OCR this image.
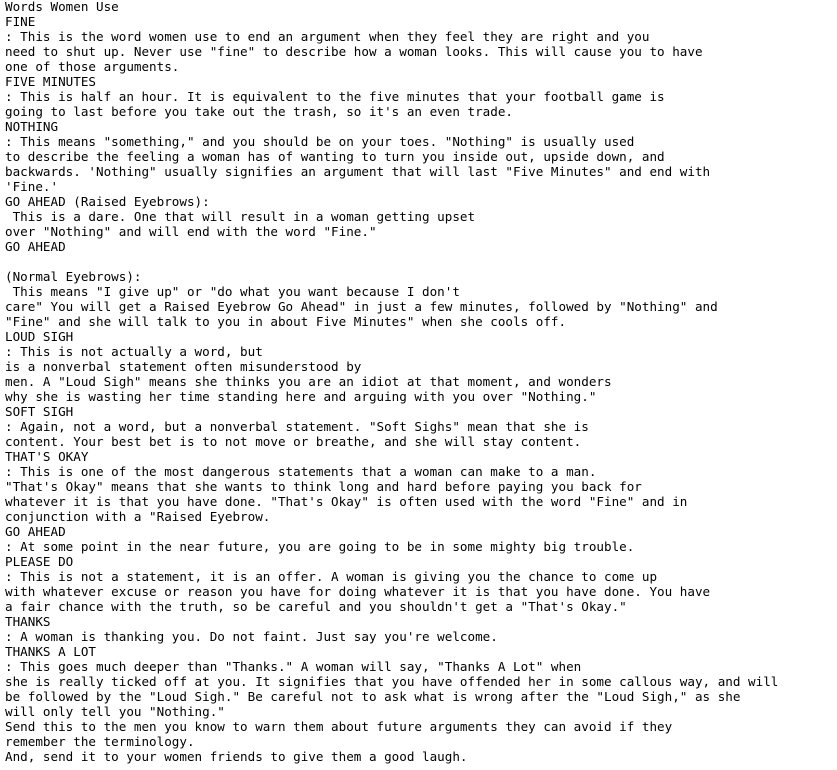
Words Women Use
FINE
: This is the word women use to end an argument when they feel they are right and you
need to shut up. Never use "fine" to describe how a woman looks. This will cause you to have
one of those arguments.
FIVE MINUTES
: This is half an hour. It is equivalent to the five minutes that your football game is
going to last before you take out the trash, so it's an even trade.
NOTHING
: This means "something," and you should be on your toes. "Nothing" is usually used
to describe the feeling a woman has of wanting to turn you inside out, upside down, and
backwards. 'Nothing" usually signifies an argument that will last "Five Minutes" and end with
'Fine.'
GO AHEAD (Raised Eyebrows):
This is a dare. One that will result in a woman getting upset
over "Nothing" and will end with the word "Fine."
GO AHEAD
(Normal Eyebrows):
This means "I give up" or "do what you want because I don't
care" You will get a Raised Eyebrow Go Ahead" in just a few minutes, followed by "Nothing" and
"Fine" and she will talk to you in about Five Minutes" when she cools off.
LOUD SIGH
: This is not actually a word, but
is a nonverbal statement often misunderstood by
men. A "Loud Sigh" means she thinks you are an idiot at that moment, and wonders
why she is wasting her time standing here and arguing with you over "Nothing."
SOFT SIGH
: Again, not a word, but a nonverbal statement. "Soft Sighs" mean that she is
content. Your best bet is to not move or breathe, and she will stay content.
THAT'S OKAY
: This is one of the most dangerous statements that a woman can make to a man.
"That's Okay" means that she wants to think long and hard before paying you back for
whatever it is that you have done. "That's Okay" is often used with the word "Fine" and in
conjunction with a "Raised Eyebrow.
GO AHEAD
: At some point in the near future, you are going to be in some mighty big trouble.
PLEASE DO
: This is not a statement, it is an offer. A woman is giving you the chance to come up
with whatever excuse or reason you have for doing whatever it is that you have done. You have
a fair chance with the truth, so be careful and you shouldn't get a "That's Okay."
THANKS
: A woman is thanking you. Do not faint. Just say you're welcome.
THANKS A LOT
: This goes much deeper than "Thanks." A woman will say, "Thanks A Lot" when
she is really ticked off at you. It signifies that you have offended her in some callous way, and will
be followed by the "Loud Sigh." Be careful not to ask what is wrong after the "Loud Sigh," as she
will only tell you "Nothing."
Send this to the men you know to warn them about future arguments they can avoid if they
remember the terminology.
And, send it to your women friends to give them a good laugh.
